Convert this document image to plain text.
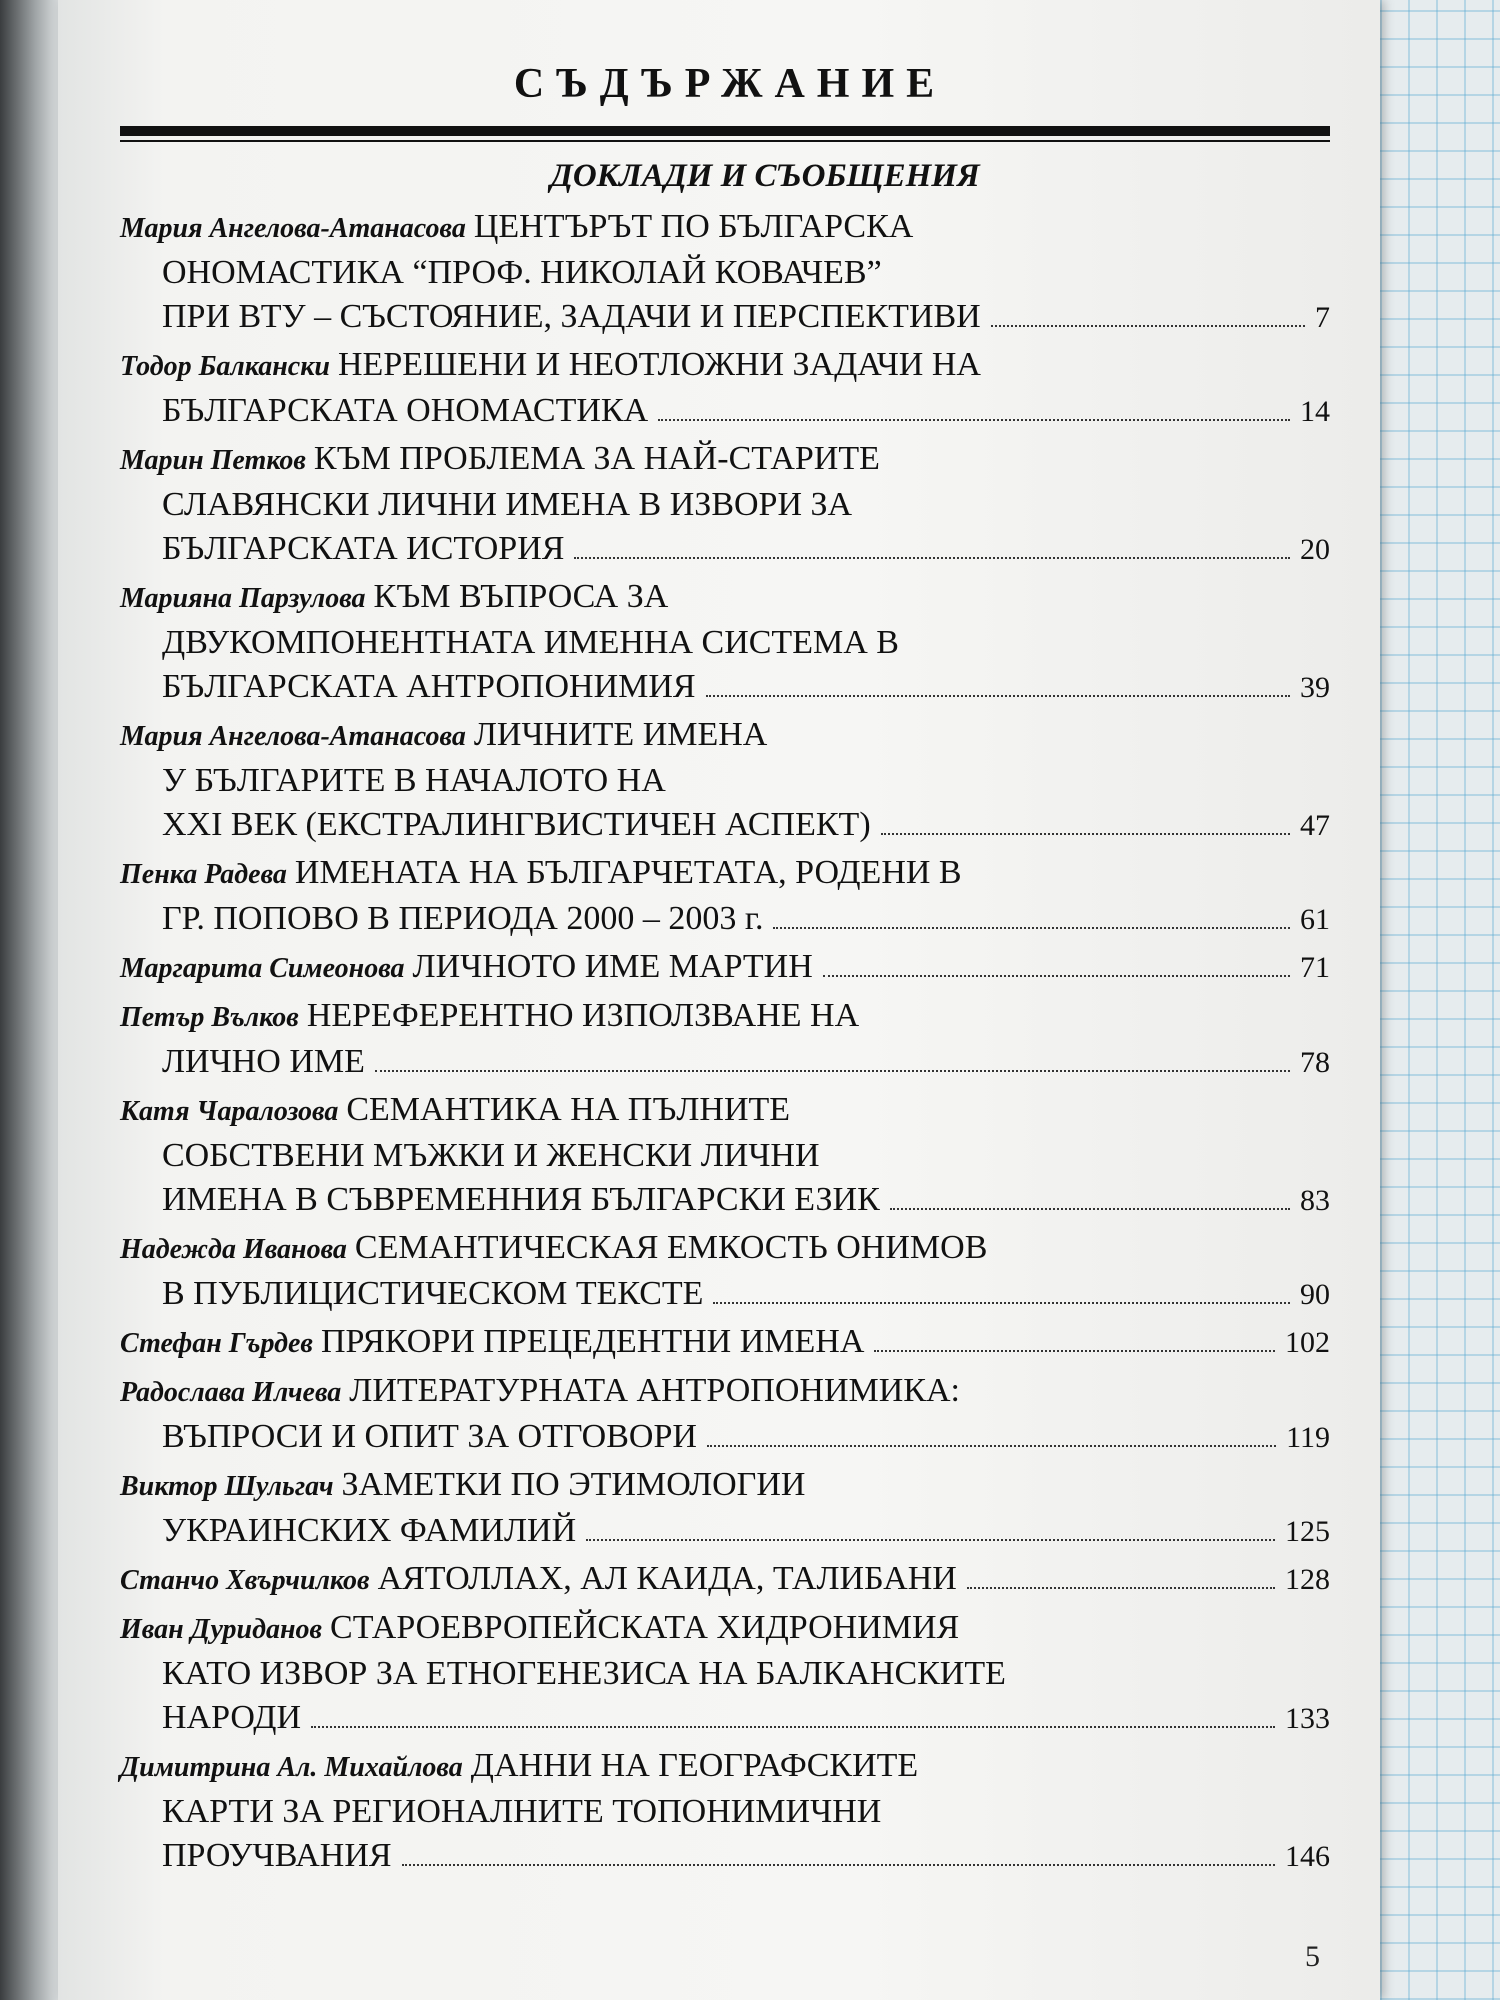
СЪДЪРЖАНИЕ
ДОКЛАДИ И СЪОБЩЕНИЯ
Мария Ангелова-Атанасова ЦЕНТЪРЪТ ПО БЪЛГАРСКА
ОНОМАСТИКА “ПРОФ. НИКОЛАЙ КОВАЧЕВ”
ПРИ ВТУ – СЪСТОЯНИЕ, ЗАДАЧИ И ПЕРСПЕКТИВИ	7
Тодор Балкански НЕРЕШЕНИ И НЕОТЛОЖНИ ЗАДАЧИ НА
БЪЛГАРСКАТА ОНОМАСТИКА	14
Марин Петков КЪМ ПРОБЛЕМА ЗА НАЙ-СТАРИТЕ
СЛАВЯНСКИ ЛИЧНИ ИМЕНА В ИЗВОРИ ЗА
БЪЛГАРСКАТА ИСТОРИЯ	20
Марияна Парзулова КЪМ ВЪПРОСА ЗА
ДВУКОМПОНЕНТНАТА ИМЕННА СИСТЕМА В
БЪЛГАРСКАТА АНТРОПОНИМИЯ	39
Мария Ангелова-Атанасова ЛИЧНИТЕ ИМЕНА
У БЪЛГАРИТЕ В НАЧАЛОТО НА
XXI ВЕК (ЕКСТРАЛИНГВИСТИЧЕН АСПЕКТ)	47
Пенка Радева ИМЕНАТА НА БЪЛГАРЧЕТАТА, РОДЕНИ В
ГР. ПОПОВО В ПЕРИОДА 2000 – 2003 г.	61
Маргарита Симеонова ЛИЧНОТО ИМЕ МАРТИН	71
Петър Вълков НЕРЕФЕРЕНТНО ИЗПОЛЗВАНЕ НА
ЛИЧНО ИМЕ	78
Катя Чаралозова СЕМАНТИКА НА ПЪЛНИТЕ
СОБСТВЕНИ МЪЖКИ И ЖЕНСКИ ЛИЧНИ
ИМЕНА В СЪВРЕМЕННИЯ БЪЛГАРСКИ ЕЗИК	83
Надежда Иванова СЕМАНТИЧЕСКАЯ ЕМКОСТЬ ОНИМОВ
В ПУБЛИЦИСТИЧЕСКОМ ТЕКСТЕ	90
Стефан Гърдев ПРЯКОРИ ПРЕЦЕДЕНТНИ ИМЕНА	102
Радослава Илчева ЛИТЕРАТУРНАТА АНТРОПОНИМИКА:
ВЪПРОСИ И ОПИТ ЗА ОТГОВОРИ	119
Виктор Шульгач ЗАМЕТКИ ПО ЭТИМОЛОГИИ
УКРАИНСКИХ ФАМИЛИЙ	125
Станчо Хвърчилков АЯТОЛЛАХ, АЛ КАИДА, ТАЛИБАНИ	128
Иван Дуриданов СТАРОЕВРОПЕЙСКАТА ХИДРОНИМИЯ
КАТО ИЗВОР ЗА ЕТНОГЕНЕЗИСА НА БАЛКАНСКИТЕ
НАРОДИ	133
Димитрина Ал. Михайлова ДАННИ НА ГЕОГРАФСКИТЕ
КАРТИ ЗА РЕГИОНАЛНИТЕ ТОПОНИМИЧНИ
ПРОУЧВАНИЯ	146
5
